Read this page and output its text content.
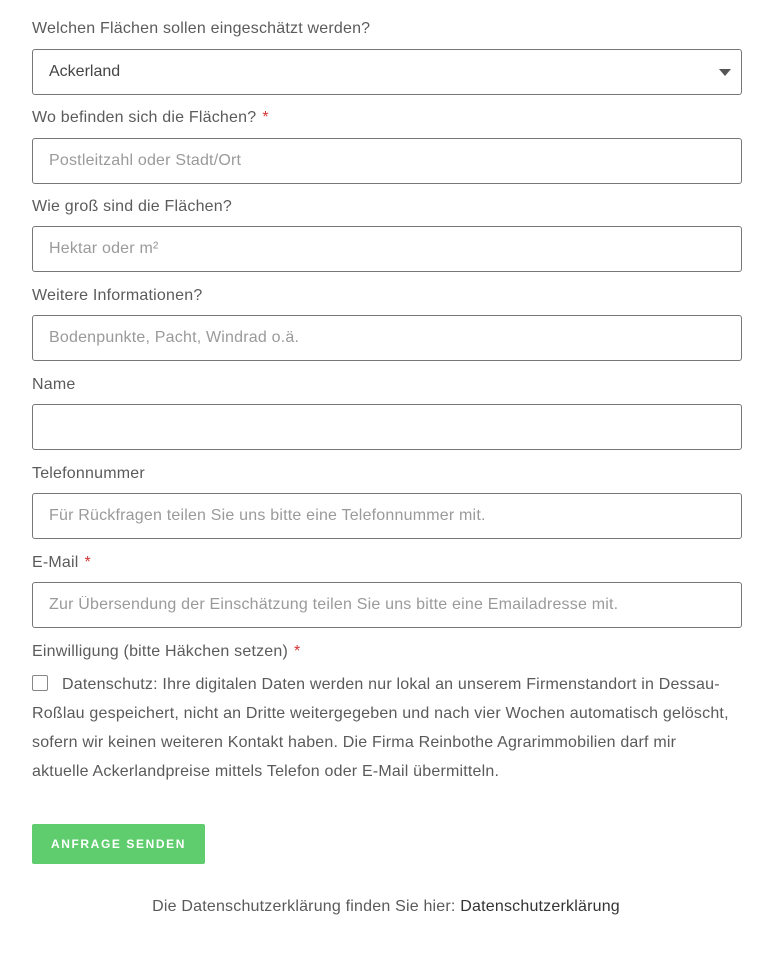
Welchen Flächen sollen eingeschätzt werden?
Ackerland
Wo befinden sich die Flächen? *
Postleitzahl oder Stadt/Ort
Wie groß sind die Flächen?
Hektar oder m²
Weitere Informationen?
Bodenpunkte, Pacht, Windrad o.ä.
Name
Telefonnummer
Für Rückfragen teilen Sie uns bitte eine Telefonnummer mit.
E-Mail *
Zur Übersendung der Einschätzung teilen Sie uns bitte eine Emailadresse mit.
Einwilligung (bitte Häkchen setzen) *
Datenschutz: Ihre digitalen Daten werden nur lokal an unserem Firmenstandort in Dessau-Roßlau gespeichert, nicht an Dritte weitergegeben und nach vier Wochen automatisch gelöscht, sofern wir keinen weiteren Kontakt haben. Die Firma Reinbothe Agrarimmobilien darf mir aktuelle Ackerlandpreise mittels Telefon oder E-Mail übermitteln.
ANFRAGE SENDEN
Die Datenschutzerklärung finden Sie hier: Datenschutzerklärung
